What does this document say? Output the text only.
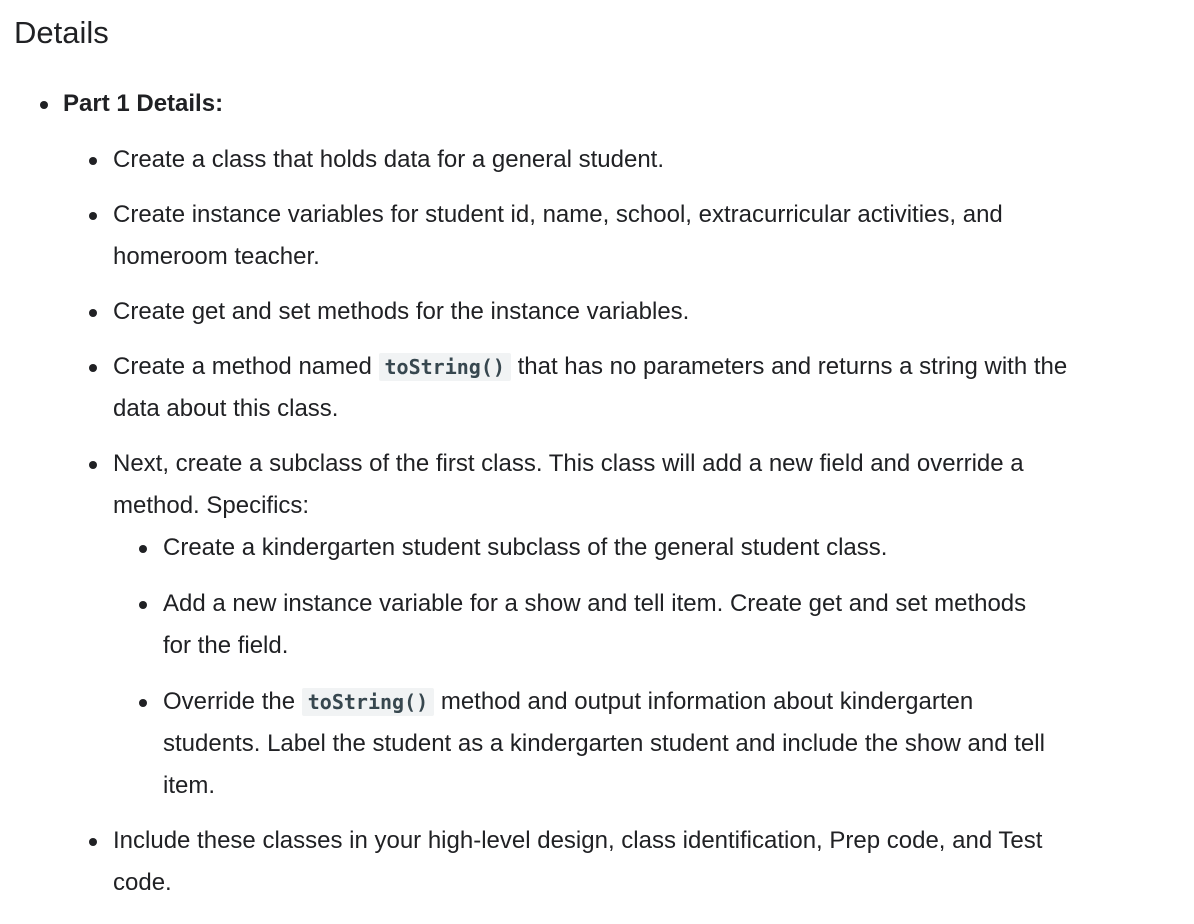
Details
Part 1 Details:
Create a class that holds data for a general student.
Create instance variables for student id, name, school, extracurricular activities, and homeroom teacher.
Create get and set methods for the instance variables.
Create a method named toString() that has no parameters and returns a string with the data about this class.
Next, create a subclass of the first class. This class will add a new field and override a method. Specifics:
Create a kindergarten student subclass of the general student class.
Add a new instance variable for a show and tell item. Create get and set methods for the field.
Override the toString() method and output information about kindergarten students. Label the student as a kindergarten student and include the show and tell item.
Include these classes in your high-level design, class identification, Prep code, and Test code.
